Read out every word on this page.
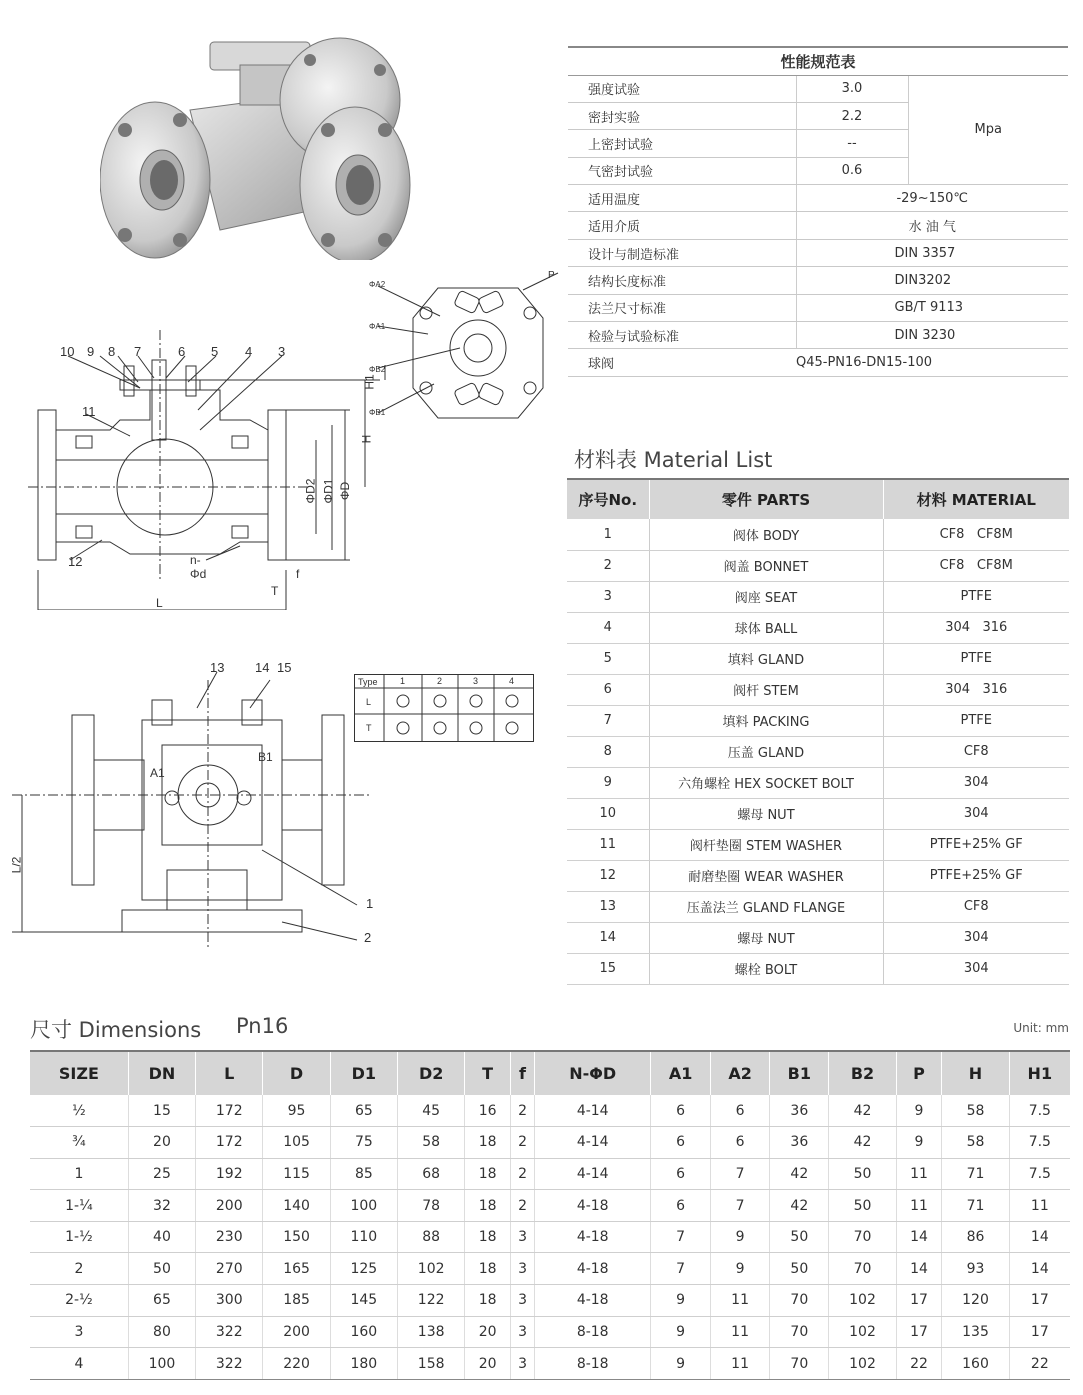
10 9 8 7	6 5 4 3
11
12
L
T
f
n-Φd
ΦD
ΦD1
ΦD2
H
H1
ΦA2
ΦA1
ΦB2
ΦB1
P
Type 1	2	3	4
L
T
13 14 15
1
2
A1
B1
L/2
性能规范表		
强度试验	3.0	Mpa
密封实验	2.2	
上密封试验	--	
气密封试验	0.6	
适用温度	-29~150℃	
适用介质	水 油 气	
设计与制造标准	DIN 3357	
结构长度标准	DIN3202	
法兰尺寸标准	GB/T 9113	
检验与试验标准	DIN 3230	
球阀	Q45-PN16-DN15-100	
材料表 Material List
序号No.	零件 PARTS	材料 MATERIAL
1	阀体 BODY	CF8   CF8M
2	阀盖 BONNET	CF8   CF8M
3	阀座 SEAT	PTFE
4	球体 BALL	304   316
5	填料 GLAND	PTFE
6	阀杆 STEM	304   316
7	填料 PACKING	PTFE
8	压盖 GLAND	CF8
9	六角螺栓 HEX SOCKET BOLT	304
10	螺母 NUT	304
11	阀杆垫圈 STEM WASHER	PTFE+25% GF
12	耐磨垫圈 WEAR WASHER	PTFE+25% GF
13	压盖法兰 GLAND FLANGE	CF8
14	螺母 NUT	304
15	螺栓 BOLT	304
尺寸 Dimensions Pn16	Unit: mm
SIZE	DN	L	D	D1	D2	T	f	N-ΦD	A1	A2	B1	B2	P	H	H1
½	15	172	95	65	45	16	2	4-14	6	6	36	42	9	58	7.5
¾	20	172	105	75	58	18	2	4-14	6	6	36	42	9	58	7.5
1	25	192	115	85	68	18	2	4-14	6	7	42	50	11	71	7.5
1-¼	32	200	140	100	78	18	2	4-18	6	7	42	50	11	71	11
1-½	40	230	150	110	88	18	3	4-18	7	9	50	70	14	86	14
2	50	270	165	125	102	18	3	4-18	7	9	50	70	14	93	14
2-½	65	300	185	145	122	18	3	4-18	9	11	70	102	17	120	17
3	80	322	200	160	138	20	3	8-18	9	11	70	102	17	135	17
4	100	322	220	180	158	20	3	8-18	9	11	70	102	22	160	22
